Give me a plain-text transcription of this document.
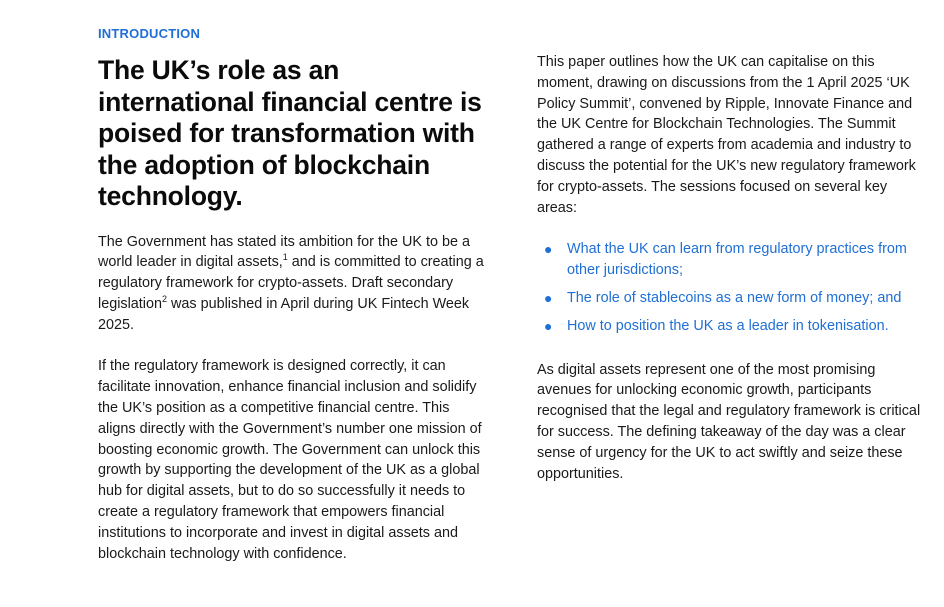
INTRODUCTION
The UK’s role as an international financial centre is poised for transformation with the adoption of blockchain technology.

The Government has stated its ambition for the UK to be a world leader in digital assets,$^1$ and is committed to creating a regulatory framework for crypto-assets. Draft secondary legislation$^2$ was published in April during UK Fintech Week 2025.

If the regulatory framework is designed correctly, it can facilitate innovation, enhance financial inclusion and solidify the UK’s position as a competitive financial centre. This aligns directly with the Government’s number one mission of boosting economic growth. The Government can unlock this growth by supporting the development of the UK as a global hub for digital assets, but to do so successfully it needs to create a regulatory framework that empowers financial institutions to incorporate and invest in digital assets and blockchain technology with confidence.

This paper outlines how the UK can capitalise on this moment, drawing on discussions from the 1 April 2025 ‘UK Policy Summit’, convened by Ripple, Innovate Finance and the UK Centre for Blockchain Technologies. The Summit gathered a range of experts from academia and industry to discuss the potential for the UK’s new regulatory framework for crypto-assets. The sessions focused on several key areas:

● What the UK can learn from regulatory practices from other jurisdictions;
● The role of stablecoins as a new form of money; and
● How to position the UK as a leader in tokenisation.

As digital assets represent one of the most promising avenues for unlocking economic growth, participants recognised that the legal and regulatory framework is critical for success. The defining takeaway of the day was a clear sense of urgency for the UK to act swiftly and seize these opportunities.
